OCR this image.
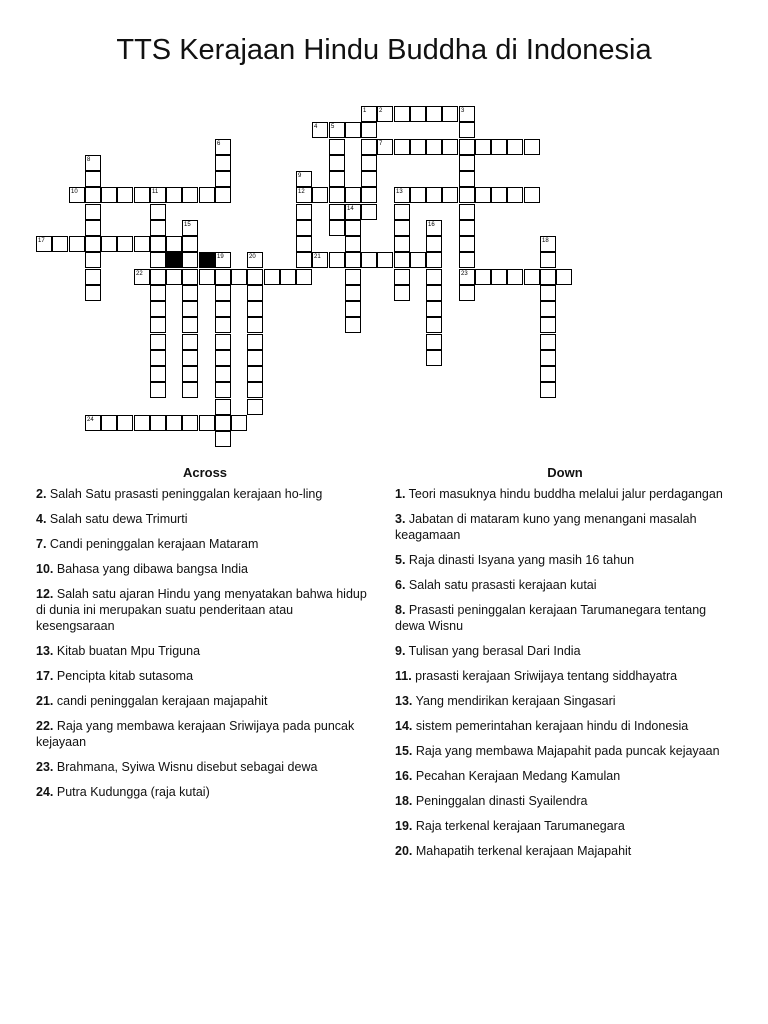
TTS Kerajaan Hindu Buddha di Indonesia
2	3
23
1
4 5
7
6
8
9
12
10	11	13
14
15	16
17	18
19	20	21
22
24
Across
2. Salah Satu prasasti peninggalan kerajaan ho-ling
4. Salah satu dewa Trimurti
7. Candi peninggalan kerajaan Mataram
10. Bahasa yang dibawa bangsa India
12. Salah satu ajaran Hindu yang menyatakan bahwa hidup di dunia ini merupakan suatu penderitaan atau kesengsaraan
13. Kitab buatan Mpu Triguna
17. Pencipta kitab sutasoma
21. candi peninggalan kerajaan majapahit
22. Raja yang membawa kerajaan Sriwijaya pada puncak kejayaan
23. Brahmana, Syiwa Wisnu disebut sebagai dewa
24. Putra Kudungga (raja kutai)
Down
1. Teori masuknya hindu buddha melalui jalur perdagangan
3. Jabatan di mataram kuno yang menangani masalah keagamaan
5. Raja dinasti Isyana yang masih 16 tahun
6. Salah satu prasasti kerajaan kutai
8. Prasasti peninggalan kerajaan Tarumanegara tentang dewa Wisnu
9. Tulisan yang berasal Dari India
11. prasasti kerajaan Sriwijaya tentang siddhayatra
13. Yang mendirikan kerajaan Singasari
14. sistem pemerintahan kerajaan hindu di Indonesia
15. Raja yang membawa Majapahit pada puncak kejayaan
16. Pecahan Kerajaan Medang Kamulan
18. Peninggalan dinasti Syailendra
19. Raja terkenal kerajaan Tarumanegara
20. Mahapatih terkenal kerajaan Majapahit
